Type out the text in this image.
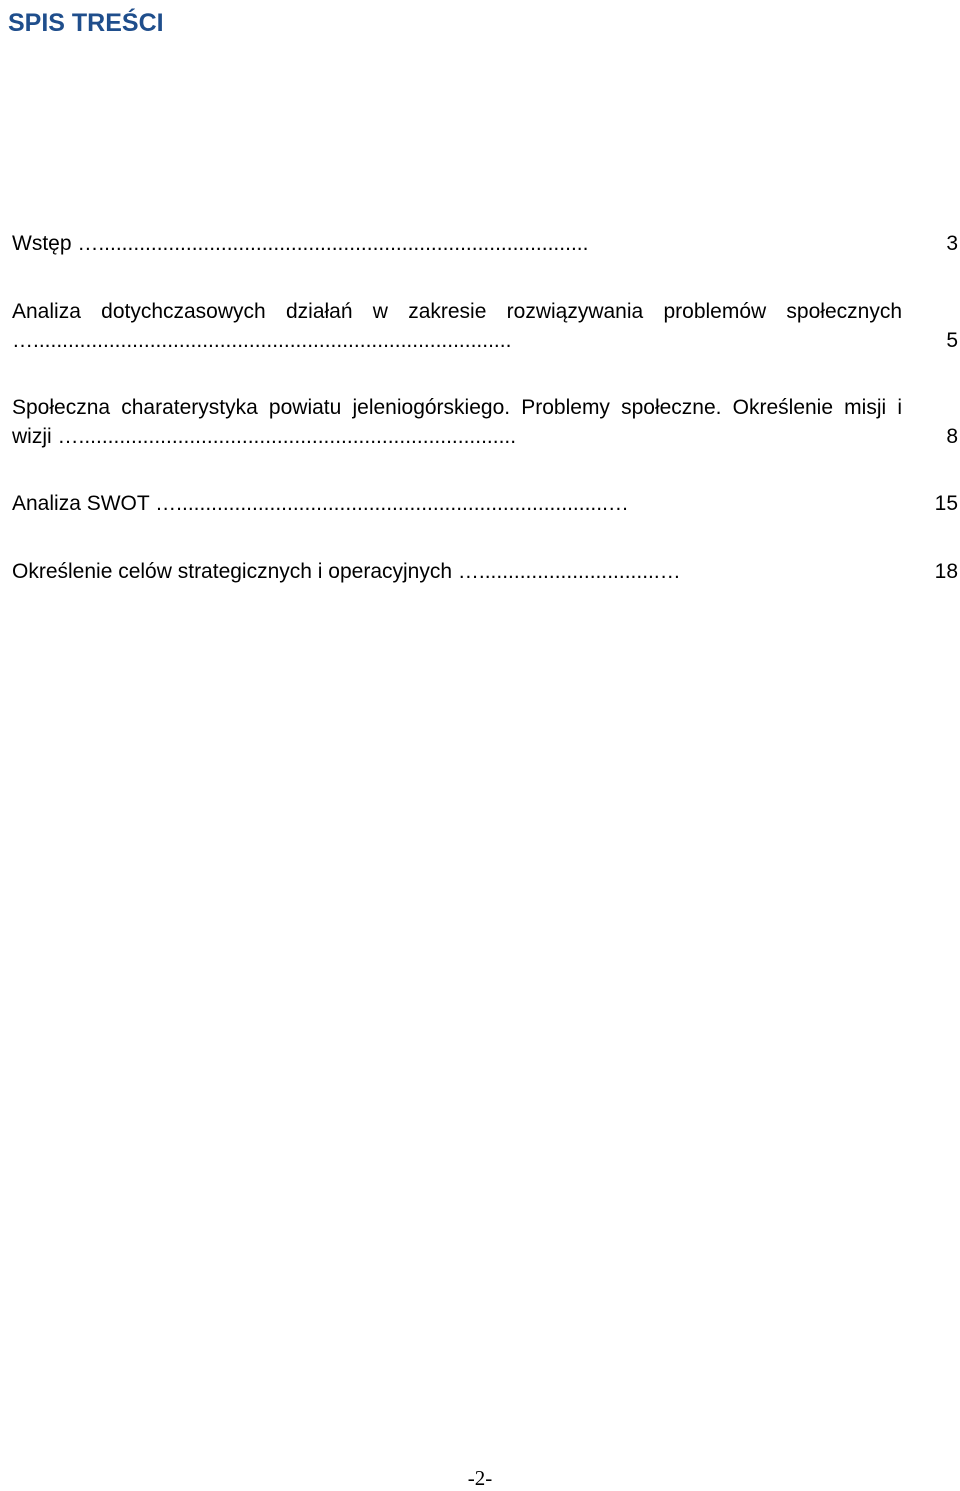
SPIS TREŚCI
Wstęp …....................................................................................	3
Analiza dotychczasowych działań w zakresie rozwiązywania problemów społecznych …..................................................................................	5
Społeczna charaterystyka powiatu jeleniogórskiego. Problemy społeczne. Określenie misji i wizji …...........................................................................	8
Analiza SWOT …..........................................................................…	15
Określenie celów strategicznych i operacyjnych …...............................…	18
-2-
